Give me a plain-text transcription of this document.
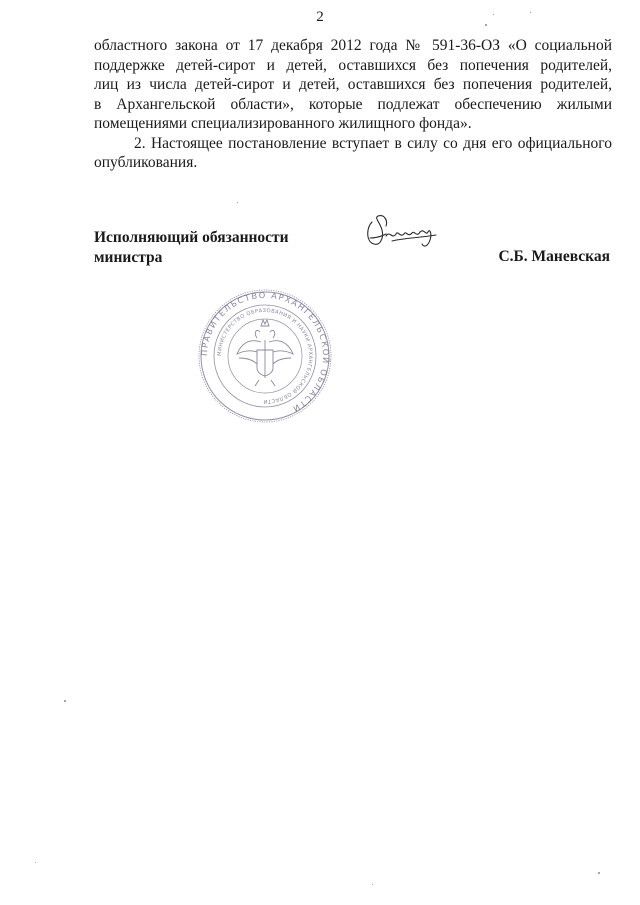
2

областного закона от 17 декабря 2012 года № 591-36-ОЗ «О социальной
поддержке детей-сирот и детей, оставшихся без попечения родителей,
лиц из числа детей-сирот и детей, оставшихся без попечения родителей,
в Архангельской области», которые подлежат обеспечению жилыми
помещениями специализированного жилищного фонда».

2. Настоящее постановление вступает в силу со дня его официального
опубликования.

Исполняющий обязанности
министра	С.Б. Маневская
ПРАВИТЕЛЬСТВО АРХАНГЕЛЬСКОЙ ОБЛАСТИ
МИНИСТЕРСТВО ОБРАЗОВАНИЯ И НАУКИ АРХАНГЕЛЬСКОЙ ОБЛАСТИ
